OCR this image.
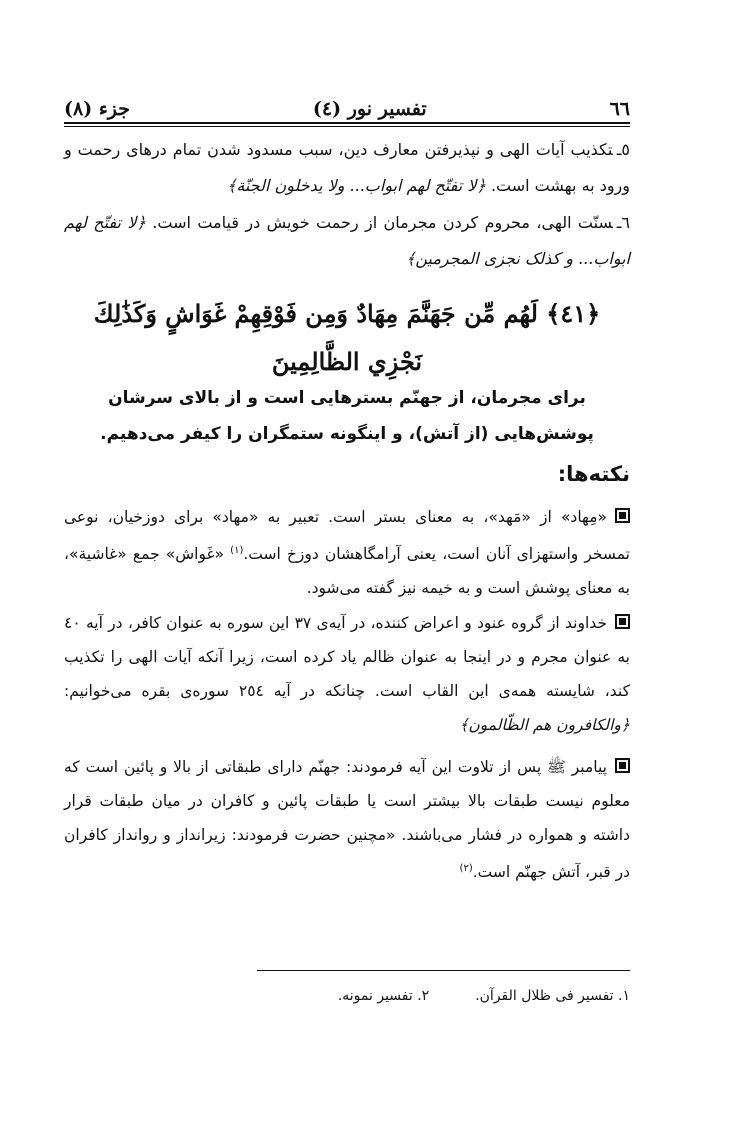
٦٦
تفسیر نور (٤)
جزء (٨)
٥ـتکذیب آیات الهی و نپذیرفتن معارف دین، سبب مسدود شدن تمام درهای رحمت و ورود به بهشت است. ﴿لا تفتّح لهم ابواب... ولا یدخلون الجنّة﴾
٦ـسنّت الهی، محروم کردن مجرمان از رحمت خویش در قیامت است. ﴿لا تفتّح لهم ابواب... و کذلک نجزی المجرمین﴾
﴿٤١﴾ لَهُم مِّن جَهَنَّمَ مِهَادٌ وَمِن فَوْقِهِمْ غَوَاشٍ وَكَذَٰلِكَ نَجْزِي الظَّالِمِينَ
برای مجرمان، از جهنّم بسترهایی است و از بالای سرشان پوشش‌هایی (از آتش)، و اینگونه ستمگران را کیفر می‌دهیم.
نکته‌ها:
«مِهاد» از «مَهد»، به معنای بستر است. تعبیر به «مهاد» برای دوزخیان، نوعی تمسخر واستهزای آنان است، یعنی آرامگاهشان دوزخ است.$^{(١)}$ «غَواش» جمع «غاشیة»، به معنای پوشش است و به خیمه نیز گفته می‌شود.
خداوند از گروه عنود و اعراض کننده، در آیه‌ی ٣٧ این سوره به عنوان کافر، در آیه ٤٠ به عنوان مجرم و در اینجا به عنوان ظالم یاد کرده است، زیرا آنکه آیات الهی را تکذیب کند، شایسته همه‌ی این القاب است. چنانکه در آیه ٢٥٤ سوره‌ی بقره می‌خوانیم: ﴿والکافرون هم الظّالمون﴾
پیامبر ﷺ پس از تلاوت این آیه فرمودند: جهنّم دارای طبقاتی از بالا و پائین است که معلوم نیست طبقات بالا بیشتر است یا طبقات پائین و کافران در میان طبقات قرار داشته و همواره در فشار می‌باشند. «مچنین حضرت فرمودند: زیرانداز و روانداز کافران در قبر، آتش جهنّم است.$^{(٢)}$
١. تفسیر فی ظلال القرآن.
٢. تفسیر نمونه.
